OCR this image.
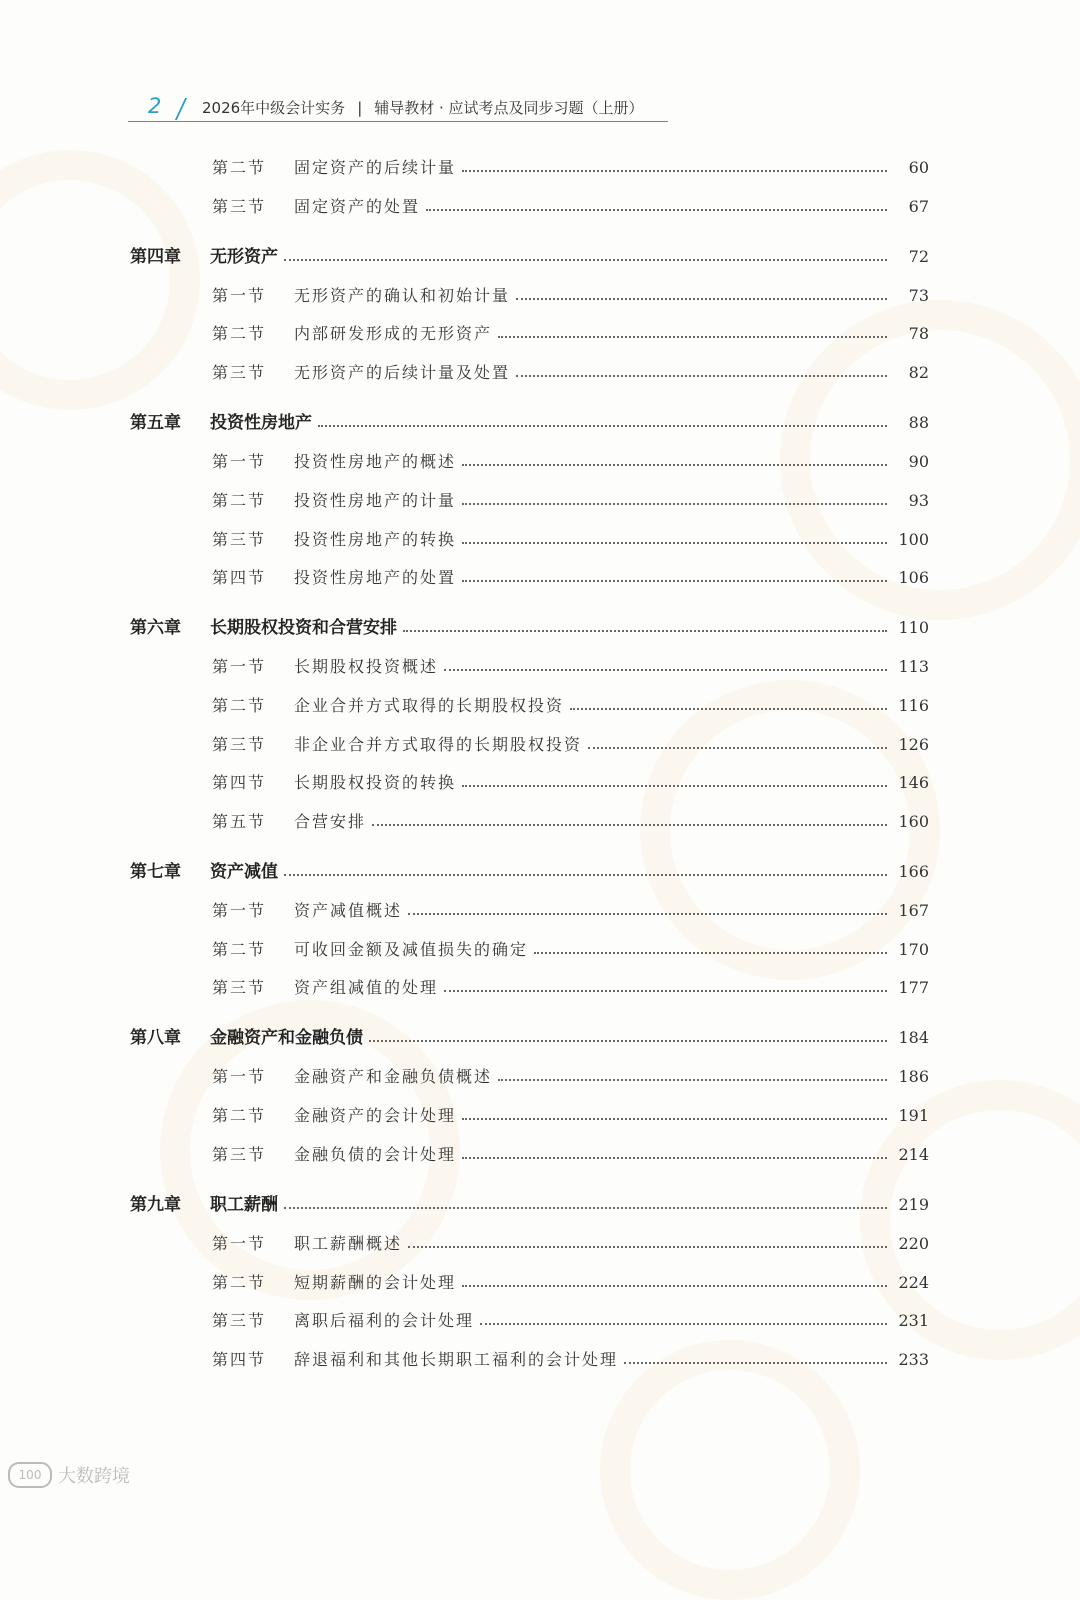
2	2026年中级会计实务 | 辅导教材 · 应试考点及同步习题（上册）
第二节	固定资产的后续计量	60
第三节	固定资产的处置	67
第四章	无形资产	72
第一节	无形资产的确认和初始计量	73
第二节	内部研发形成的无形资产	78
第三节	无形资产的后续计量及处置	82
第五章	投资性房地产	88
第一节	投资性房地产的概述	90
第二节	投资性房地产的计量	93
第三节	投资性房地产的转换	100
第四节	投资性房地产的处置	106
第六章	长期股权投资和合营安排	110
第一节	长期股权投资概述	113
第二节	企业合并方式取得的长期股权投资	116
第三节	非企业合并方式取得的长期股权投资	126
第四节	长期股权投资的转换	146
第五节	合营安排	160
第七章	资产减值	166
第一节	资产减值概述	167
第二节	可收回金额及减值损失的确定	170
第三节	资产组减值的处理	177
第八章	金融资产和金融负债	184
第一节	金融资产和金融负债概述	186
第二节	金融资产的会计处理	191
第三节	金融负债的会计处理	214
第九章	职工薪酬	219
第一节	职工薪酬概述	220
第二节	短期薪酬的会计处理	224
第三节	离职后福利的会计处理	231
第四节	辞退福利和其他长期职工福利的会计处理	233
100 大数跨境
